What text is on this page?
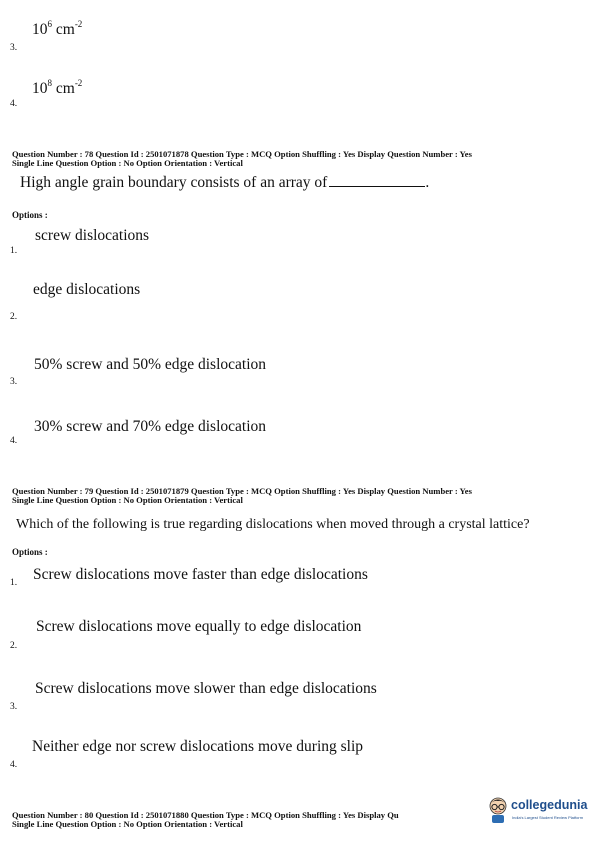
$10^6$ $cm^{-2}$
3.
$10^8$ $cm^{-2}$
4.
Question Number : 78 Question Id : 2501071878 Question Type : MCQ Option Shuffling : Yes Display Question Number : Yes
Single Line Question Option : No Option Orientation : Vertical
High angle grain boundary consists of an array of	.
Options :
screw dislocations
1.
edge dislocations
2.
50% screw and 50% edge dislocation
3.
30% screw and 70% edge dislocation
4.
Question Number : 79 Question Id : 2501071879 Question Type : MCQ Option Shuffling : Yes Display Question Number : Yes
Single Line Question Option : No Option Orientation : Vertical
Which of the following is true regarding dislocations when moved through a crystal lattice?
Options :
Screw dislocations move faster than edge dislocations
1.
Screw dislocations move equally to edge dislocation
2.
Screw dislocations move slower than edge dislocations
3.
Neither edge nor screw dislocations move during slip
4.
Question Number : 80 Question Id : 2501071880 Question Type : MCQ Option Shuffling : Yes Display Qu
Single Line Question Option : No Option Orientation : Vertical
collegedunia
India's Largest Student Review Platform
